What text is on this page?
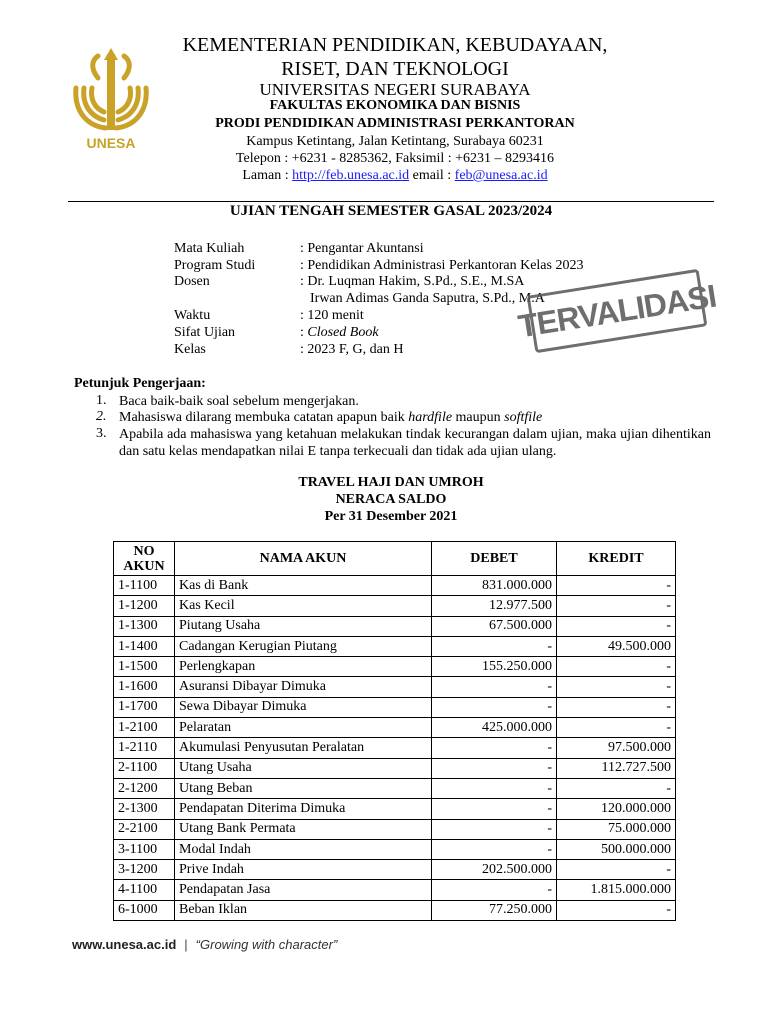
UNESA
KEMENTERIAN PENDIDIKAN, KEBUDAYAAN,
RISET, DAN TEKNOLOGI
UNIVERSITAS NEGERI SURABAYA
FAKULTAS EKONOMIKA DAN BISNIS
PRODI PENDIDIKAN ADMINISTRASI PERKANTORAN
Kampus Ketintang, Jalan Ketintang, Surabaya 60231
Telepon : +6231 - 8285362, Faksimil : +6231 – 8293416
Laman : http://feb.unesa.ac.id email : feb@unesa.ac.id
UJIAN TENGAH SEMESTER GASAL 2023/2024
Mata Kuliah	: Pengantar Akuntansi
Program Studi	: Pendidikan Administrasi Perkantoran Kelas 2023
Dosen	: Dr. Luqman Hakim, S.Pd., S.E., M.SA
Irwan Adimas Ganda Saputra, S.Pd., M.A
Waktu	: 120 menit
Sifat Ujian	: Closed Book
Kelas	: 2023 F, G, dan H
TERVALIDASI
Petunjuk Pengerjaan:
1. Baca baik-baik soal sebelum mengerjakan.
2. Mahasiswa dilarang membuka catatan apapun baik hardfile maupun softfile
3. Apabila ada mahasiswa yang ketahuan melakukan tindak kecurangan dalam ujian, maka ujian dihentikan dan satu kelas mendapatkan nilai E tanpa terkecuali dan tidak ada ujian ulang.
TRAVEL HAJI DAN UMROH
NERACA SALDO
Per 31 Desember 2021
NO
AKUN	NAMA AKUN	DEBET	KREDIT
1-1100	Kas di Bank	831.000.000	-
1-1200	Kas Kecil	12.977.500	-
1-1300	Piutang Usaha	67.500.000	-
1-1400	Cadangan Kerugian Piutang	-	49.500.000
1-1500	Perlengkapan	155.250.000	-
1-1600	Asuransi Dibayar Dimuka	-	-
1-1700	Sewa Dibayar Dimuka	-	-
1-2100	Pelaratan	425.000.000	-
1-2110	Akumulasi Penyusutan Peralatan	-	97.500.000
2-1100	Utang Usaha	-	112.727.500
2-1200	Utang Beban	-	-
2-1300	Pendapatan Diterima Dimuka	-	120.000.000
2-2100	Utang Bank Permata	-	75.000.000
3-1100	Modal Indah	-	500.000.000
3-1200	Prive Indah	202.500.000	-
4-1100	Pendapatan Jasa	-	1.815.000.000
6-1000	Beban Iklan	77.250.000	-
www.unesa.ac.id | “Growing with character”
